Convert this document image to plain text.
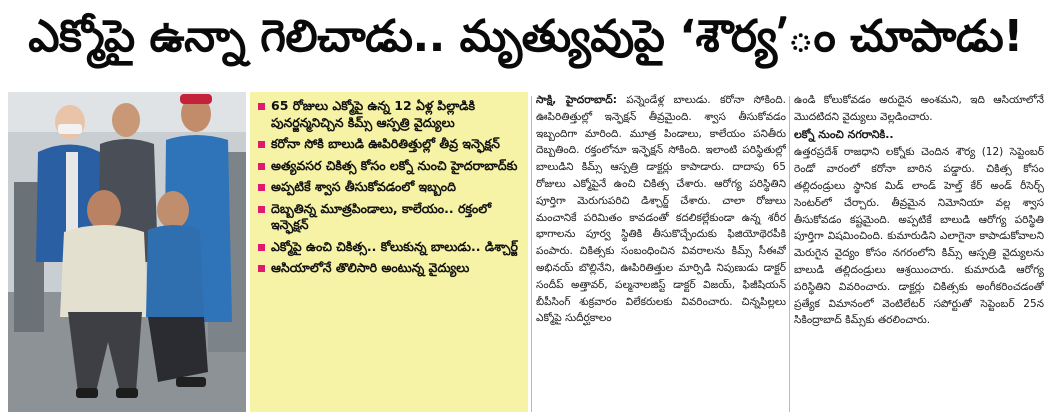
ఎక్మోపై ఉన్నా గెలిచాడు.. మృత్యువుపై ‘శౌర్య’ం చూపాడు!
65 రోజులు ఎక్మోపై ఉన్న 12 ఏళ్ల పిల్లాడికి పునర్జన్మనిచ్చిన కిమ్స్‌ ఆస్పత్రి వైద్యులు
కరోనా సోకి బాలుడి ఊపిరితిత్తుల్లో తీవ్ర ఇన్ఫెక్షన్‌
అత్యవసర చికిత్స కోసం లక్నో నుంచి హైదరాబాద్‌కు
అప్పటికే శ్వాస తీసుకోవడంలో ఇబ్బంది
దెబ్బతిన్న మూత్రపిండాలు, కాలేయం.. రక్తంలో ఇన్ఫెక్షన్‌
ఎక్మోపై ఉంచి చికిత్స.. కోలుకున్న బాలుడు.. డిశ్చార్జ్‌
ఆసియాలోనే తొలిసారి అంటున్న వైద్యులు
సాక్షి, హైదరాబాద్‌: పన్నెండేళ్ల బాలుడు. కరోనా సోకింది. ఊపిరితిత్తుల్లో ఇన్ఫెక్షన్‌ తీవ్రమైంది. శ్వాస తీసుకోవడం ఇబ్బందిగా మారింది. మూత్ర పిండాలు, కాలేయం పనితీరు దెబ్బతింది. రక్తంలోనూ ఇన్ఫెక్షన్‌ సోకింది. ఇలాంటి పరిస్థితుల్లో బాలుడిని కిమ్స్‌ ఆస్పత్రి డాక్టర్లు కాపాడారు. దాదాపు 65 రోజులు ఎక్మోపైనే ఉంచి చికిత్స చేశారు. ఆరోగ్య పరిస్థితిని పూర్తిగా మెరుగుపరిచి డిశ్చార్జ్‌ చేశారు. చాలా రోజులు మంచానికే పరిమితం కావడంతో కదలికల్లేకుండా ఉన్న శరీర భాగాలను పూర్వ స్థితికి తీసుకొచ్చేందుకు ఫిజియోథెరపీకి పంపారు. చికిత్సకు సంబంధించిన వివరాలను కిమ్స్‌ సీఈవో అభినయ్‌ బొల్లినేని, ఊపిరితిత్తుల మార్పిడి నిపుణుడు డాక్టర్‌ సందీప్‌ అత్తావర్‌, పల్మనాలజిస్ట్‌ డాక్టర్‌ విజయ్‌, ఫిజీషియన్‌ బీపీసింగ్‌ శుక్రవారం విలేకరులకు వివరించారు. చిన్నపిల్లలు ఎక్మోపై సుదీర్ఘకాలం
ఉండి కోలుకోవడం అరుదైన అంశమని, ఇది ఆసియాలోనే మొదటిదని వైద్యులు వెల్లడించారు.
లక్నో నుంచి నగరానికి..
ఉత్తరప్రదేశ్‌ రాజధాని లక్నోకు చెందిన శౌర్య (12) సెప్టెంబర్‌ రెండో వారంలో కరోనా బారిన పడ్డారు. చికిత్స కోసం తల్లిదండ్రులు స్థానిక మిడ్‌ లాండ్‌ హెల్త్‌ కేర్‌ అండ్‌ రీసెర్చ్‌ సెంటర్‌లో చేర్చారు. తీవ్రమైన నిమోనియా వల్ల శ్వాస తీసుకోవడం కష్టమైంది. అప్పటికే బాలుడి ఆరోగ్య పరిస్థితి పూర్తిగా విషమించింది. కుమారుడిని ఎలాగైనా కాపాడుకోవాలని మెరుగైన వైద్యం కోసం నగరంలోని కిమ్స్‌ ఆస్పత్రి వైద్యులను బాలుడి తల్లిదండ్రులు ఆశ్రయించారు. కుమారుడి ఆరోగ్య పరిస్థితిని వివరించారు. డాక్టర్లు చికిత్సకు అంగీకరించడంతో ప్రత్యేక విమానంలో వెంటిలేటర్‌ సపోర్టుతో సెప్టెంబర్‌ 25న సికింద్రాబాద్‌ కిమ్స్‌కు తరలించారు.
